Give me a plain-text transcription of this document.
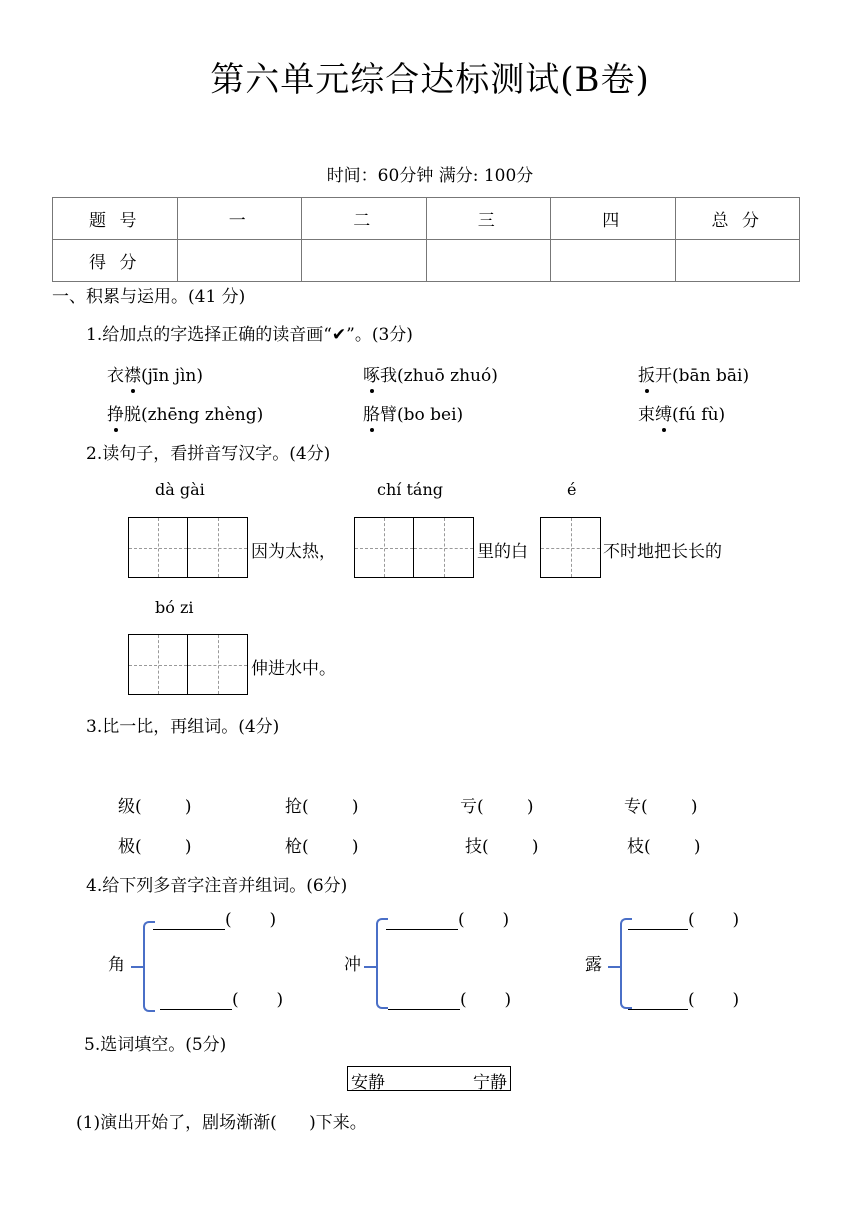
第六单元综合达标测试(B卷)
时间：60分钟 满分: 100分
题 号	一	二	三	四	总 分
得 分					
一、积累与运用。(41 分)
1.给加点的字选择正确的读音画“✔”。(3分)
衣襟(jīn jìn)	啄我(zhuō zhuó)	扳开(bān bāi)
挣脱(zhēng zhèng)	胳臂(bo bei)	束缚(fú fù)
2.读句子，看拼音写汉字。(4分)
dà gài	chí táng	é
因为太热，	里的白	不时地把长长的
bó zi
伸进水中。
3.比一比，再组词。(4分)
级(        )	抢(        )	亏(        )	专(        )
极(        )	枪(        )	技(        )	枝(        )
4.给下列多音字注音并组词。(6分)
角
(       )
(       )
冲
(       )
(       )
露
(       )
(       )
5.选词填空。(5分)
安静	宁静
(1)演出开始了，剧场渐渐(      )下来。
